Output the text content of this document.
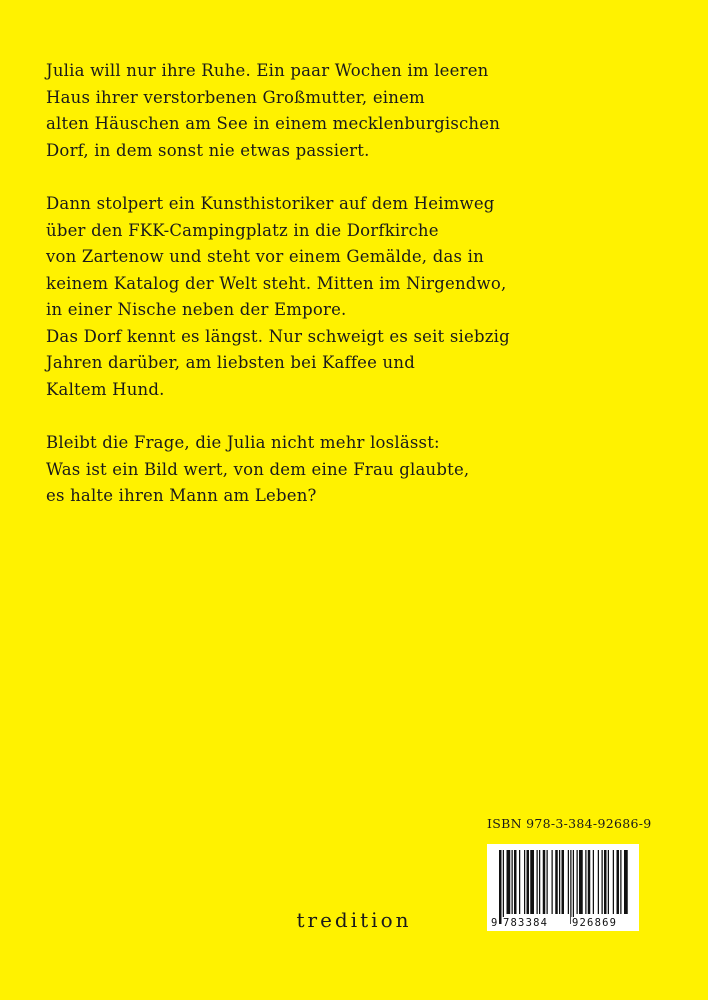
Julia will nur ihre Ruhe. Ein paar Wochen im leeren
Haus ihrer verstorbenen Großmutter, einem
alten Häuschen am See in einem mecklenburgischen
Dorf, in dem sonst nie etwas passiert.
Dann stolpert ein Kunsthistoriker auf dem Heimweg
über den FKK-Campingplatz in die Dorfkirche
von Zartenow und steht vor einem Gemälde, das in
keinem Katalog der Welt steht. Mitten im Nirgendwo,
in einer Nische neben der Empore.
Das Dorf kennt es längst. Nur schweigt es seit siebzig
Jahren darüber, am liebsten bei Kaffee und
Kaltem Hund.
Bleibt die Frage, die Julia nicht mehr loslässt:
Was ist ein Bild wert, von dem eine Frau glaubte,
es halte ihren Mann am Leben?
ISBN 978-3-384-92686-9
9 783384 926869
tredition
